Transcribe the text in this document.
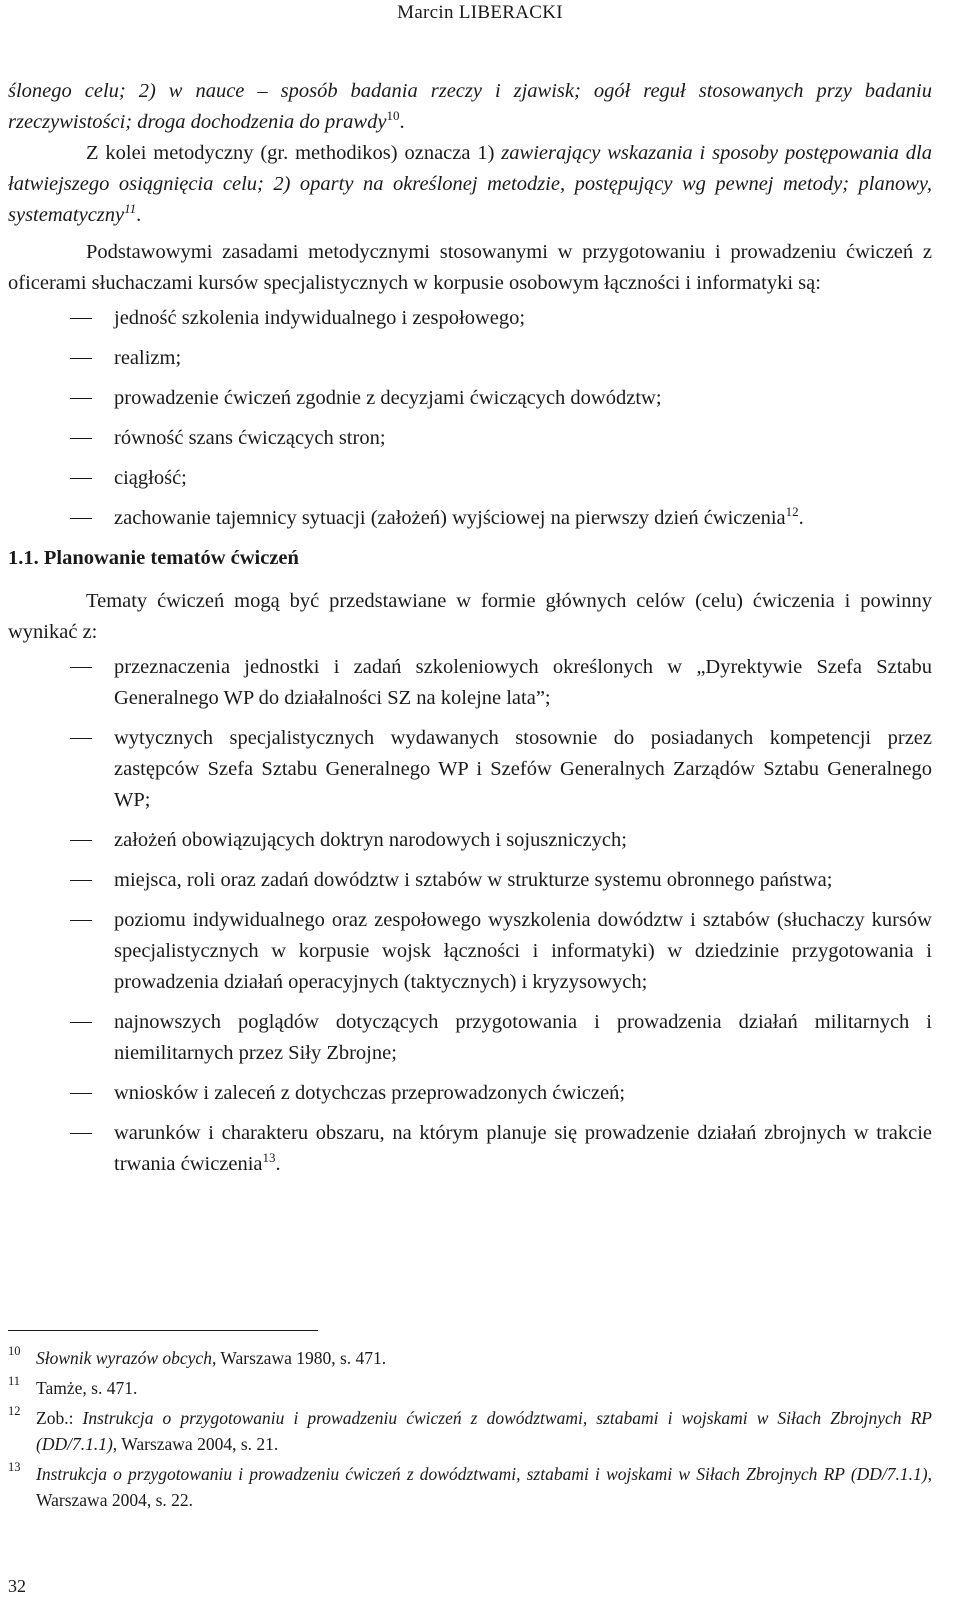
Marcin LIBERACKI

ślonego celu; 2) w nauce – sposób badania rzeczy i zjawisk; ogół reguł stosowanych przy badaniu rzeczywistości; droga dochodzenia do prawdy$^{10}$.

Z kolei metodyczny (gr. methodikos) oznacza 1) zawierający wskazania i sposoby postępowania dla łatwiejszego osiągnięcia celu; 2) oparty na określonej metodzie, postępujący wg pewnej metody; planowy, systematyczny$^{11}$.

Podstawowymi zasadami metodycznymi stosowanymi w przygotowaniu i prowadzeniu ćwiczeń z oficerami słuchaczami kursów specjalistycznych w korpusie osobowym łączności i informatyki są:

jedność szkolenia indywidualnego i zespołowego;
realizm;
prowadzenie ćwiczeń zgodnie z decyzjami ćwiczących dowództw;
równość szans ćwiczących stron;
ciągłość;
zachowanie tajemnicy sytuacji (założeń) wyjściowej na pierwszy dzień ćwiczenia$^{12}$.

1.1. Planowanie tematów ćwiczeń

Tematy ćwiczeń mogą być przedstawiane w formie głównych celów (celu) ćwiczenia i powinny wynikać z:

przeznaczenia jednostki i zadań szkoleniowych określonych w „Dyrektywie Szefa Sztabu Generalnego WP do działalności SZ na kolejne lata”;
wytycznych specjalistycznych wydawanych stosownie do posiadanych kompetencji przez zastępców Szefa Sztabu Generalnego WP i Szefów Generalnych Zarządów Sztabu Generalnego WP;
założeń obowiązujących doktryn narodowych i sojuszniczych;
miejsca, roli oraz zadań dowództw i sztabów w strukturze systemu obronnego państwa;
poziomu indywidualnego oraz zespołowego wyszkolenia dowództw i sztabów (słuchaczy kursów specjalistycznych w korpusie wojsk łączności i informatyki) w dziedzinie przygotowania i prowadzenia działań operacyjnych (taktycznych) i kryzysowych;
najnowszych poglądów dotyczących przygotowania i prowadzenia działań militarnych i niemilitarnych przez Siły Zbrojne;
wniosków i zaleceń z dotychczas przeprowadzonych ćwiczeń;
warunków i charakteru obszaru, na którym planuje się prowadzenie działań zbrojnych w trakcie trwania ćwiczenia$^{13}$.
10 Słownik wyrazów obcych, Warszawa 1980, s. 471.
11 Tamże, s. 471.
12 Zob.: Instrukcja o przygotowaniu i prowadzeniu ćwiczeń z dowództwami, sztabami i wojskami w Siłach Zbrojnych RP (DD/7.1.1), Warszawa 2004, s. 21.
13 Instrukcja o przygotowaniu i prowadzeniu ćwiczeń z dowództwami, sztabami i wojskami w Siłach Zbrojnych RP (DD/7.1.1), Warszawa 2004, s. 22.
32
